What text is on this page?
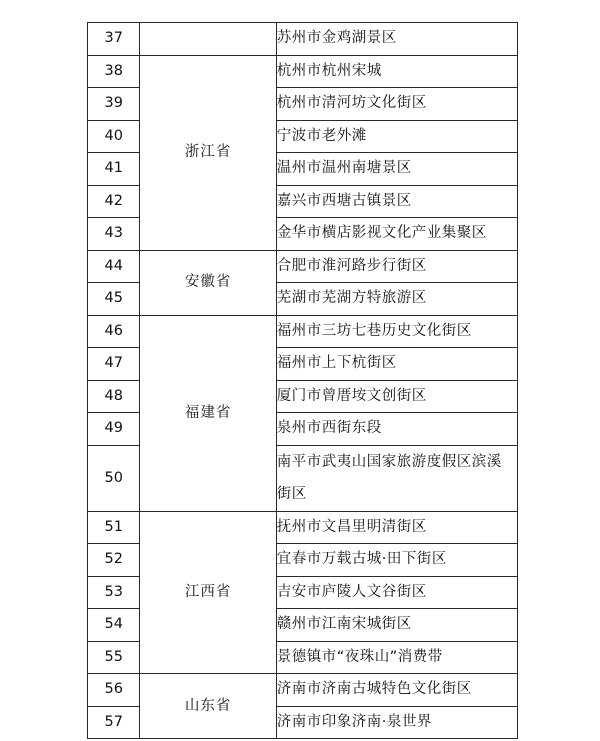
37		苏州市金鸡湖景区
38	浙江省	杭州市杭州宋城
39		杭州市清河坊文化街区
40		宁波市老外滩
41		温州市温州南塘景区
42		嘉兴市西塘古镇景区
43		金华市横店影视文化产业集聚区
44	安徽省	合肥市淮河路步行街区
45		芜湖市芜湖方特旅游区
46	福建省	福州市三坊七巷历史文化街区
47		福州市上下杭街区
48		厦门市曾厝垵文创街区
49		泉州市西街东段
50		南平市武夷山国家旅游度假区滨溪街区
51	江西省	抚州市文昌里明清街区
52		宜春市万载古城·田下街区
53		吉安市庐陵人文谷街区
54		赣州市江南宋城街区
55		景德镇市“夜珠山”消费带
56	山东省	济南市济南古城特色文化街区
57		济南市印象济南·泉世界
